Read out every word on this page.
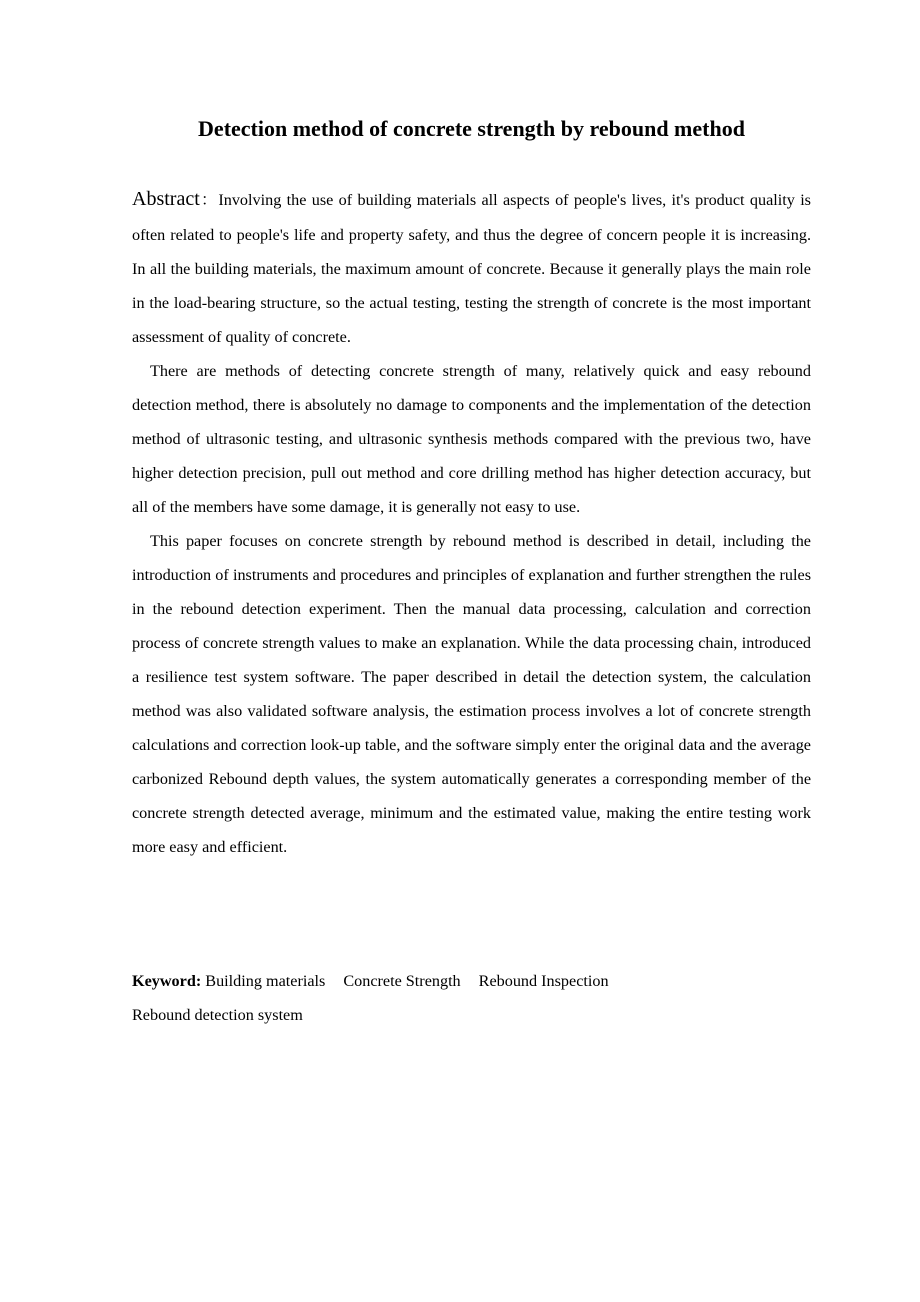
Detection method of concrete strength by rebound method

Abstract：Involving the use of building materials all aspects of people's lives, it's product quality is often related to people's life and property safety, and thus the degree of concern people it is increasing. In all the building materials, the maximum amount of concrete. Because it generally plays the main role in the load-bearing structure, so the actual testing, testing the strength of concrete is the most important assessment of quality of concrete.

There are methods of detecting concrete strength of many, relatively quick and easy rebound detection method, there is absolutely no damage to components and the implementation of the detection method of ultrasonic testing, and ultrasonic synthesis methods compared with the previous two, have higher detection precision, pull out method and core drilling method has higher detection accuracy, but all of the members have some damage, it is generally not easy to use.

This paper focuses on concrete strength by rebound method is described in detail, including the introduction of instruments and procedures and principles of explanation and further strengthen the rules in the rebound detection experiment. Then the manual data processing, calculation and correction process of concrete strength values to make an explanation. While the data processing chain, introduced a resilience test system software. The paper described in detail the detection system, the calculation method was also validated software analysis, the estimation process involves a lot of concrete strength calculations and correction look-up table, and the software simply enter the original data and the average carbonized Rebound depth values, the system automatically generates a corresponding member of the concrete strength detected average, minimum and the estimated value, making the entire testing work more easy and efficient.

Keyword: Building materials Concrete Strength Rebound Inspection
Rebound detection system
